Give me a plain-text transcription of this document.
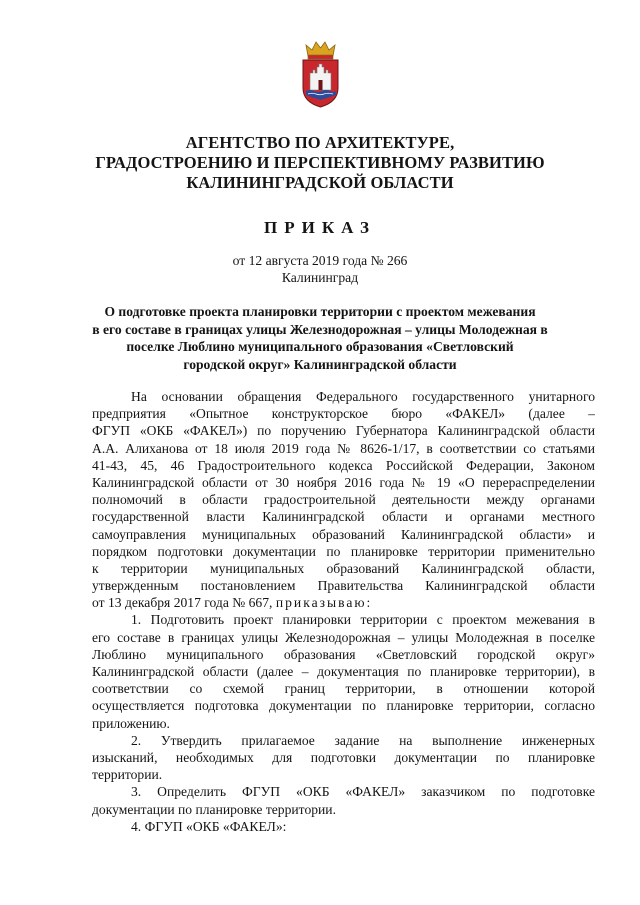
АГЕНТСТВО ПО АРХИТЕКТУРЕ,
ГРАДОСТРОЕНИЮ И ПЕРСПЕКТИВНОМУ РАЗВИТИЮ
КАЛИНИНГРАДСКОЙ ОБЛАСТИ
ПРИКАЗ
от 12 августа 2019 года № 266
Калининград
О подготовке проекта планировки территории с проектом межевания
в его составе в границах улицы Железнодорожная – улицы Молодежная в
поселке Люблино муниципального образования «Светловский
городской округ» Калининградской области
На основании обращения Федерального государственного унитарного
предприятия «Опытное конструкторское бюро «ФАКЕЛ» (далее –
ФГУП «ОКБ «ФАКЕЛ») по поручению Губернатора Калининградской области
А.А. Алиханова от 18 июля 2019 года № 8626-1/17, в соответствии со статьями
41-43, 45, 46 Градостроительного кодекса Российской Федерации, Законом
Калининградской области от 30 ноября 2016 года № 19 «О перераспределении
полномочий в области градостроительной деятельности между органами
государственной власти Калининградской области и органами местного
самоуправления муниципальных образований Калининградской области» и
порядком подготовки документации по планировке территории применительно
к территории муниципальных образований Калининградской области,
утвержденным постановлением Правительства Калининградской области
от 13 декабря 2017 года № 667, приказываю:
1. Подготовить проект планировки территории с проектом межевания в
его составе в границах улицы Железнодорожная – улицы Молодежная в поселке
Люблино муниципального образования «Светловский городской округ»
Калининградской области (далее – документация по планировке территории), в
соответствии со схемой границ территории, в отношении которой
осуществляется подготовка документации по планировке территории, согласно
приложению.
2. Утвердить прилагаемое задание на выполнение инженерных
изысканий, необходимых для подготовки документации по планировке
территории.
3. Определить ФГУП «ОКБ «ФАКЕЛ» заказчиком по подготовке
документации по планировке территории.
4. ФГУП «ОКБ «ФАКЕЛ»:
